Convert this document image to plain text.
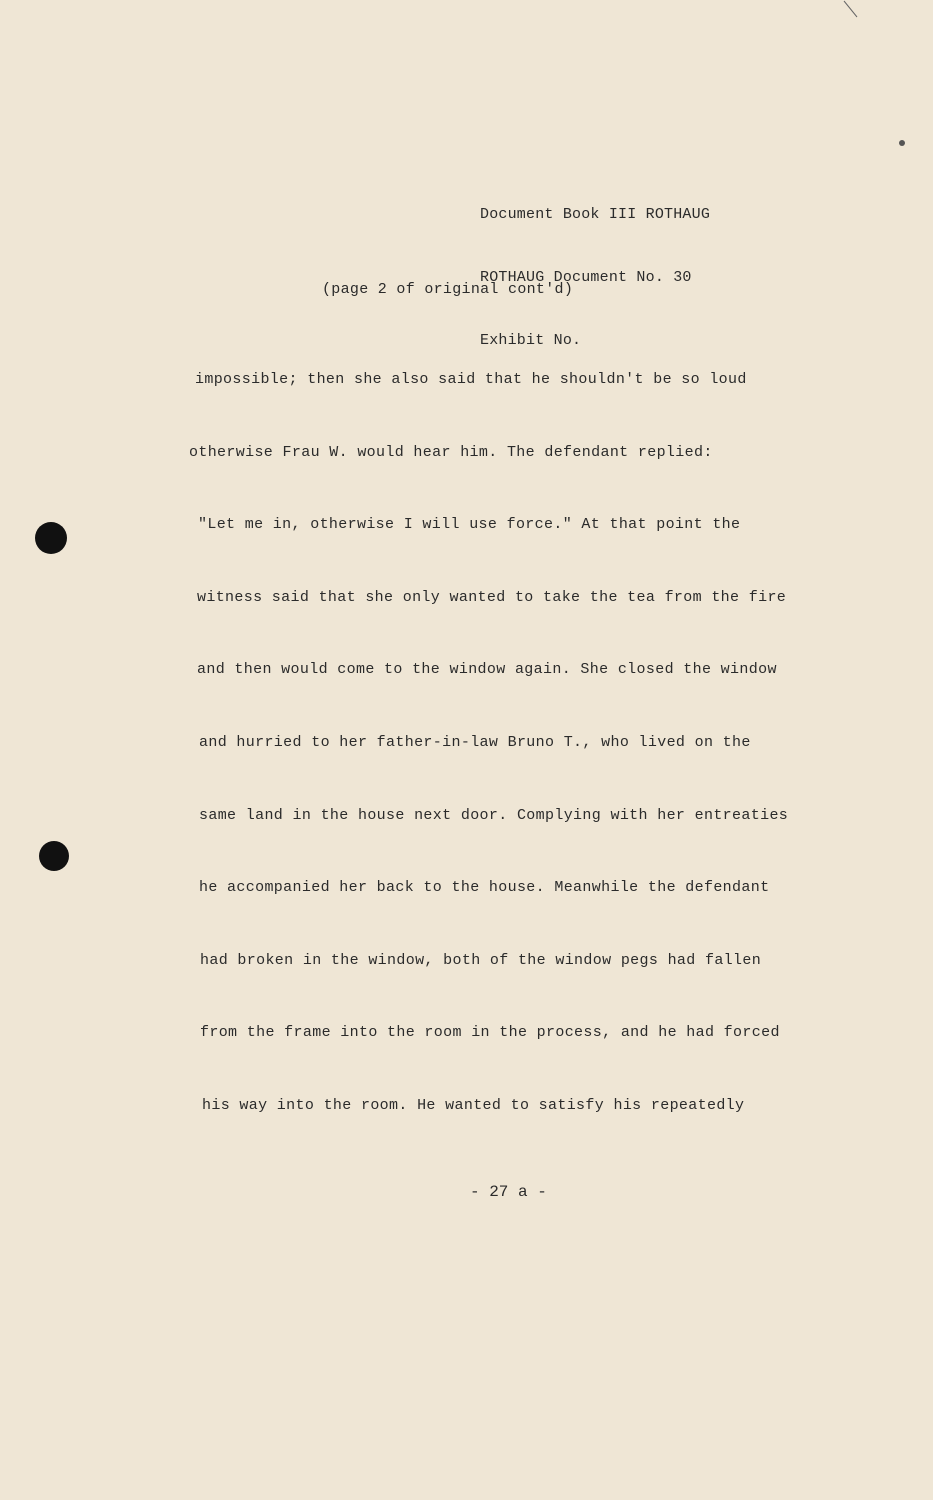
Document Book III ROTHAUG

ROTHAUG Document No. 30

Exhibit No.

(page 2 of original cont'd)

impossible; then she also said that he shouldn't be so loud

otherwise Frau W. would hear him. The defendant replied:

"Let me in, otherwise I will use force." At that point the

witness said that she only wanted to take the tea from the fire

and then would come to the window again. She closed the window

and hurried to her father-in-law Bruno T., who lived on the

same land in the house next door. Complying with her entreaties

he accompanied her back to the house. Meanwhile the defendant

had broken in the window, both of the window pegs had fallen

from the frame into the room in the process, and he had forced

his way into the room. He wanted to satisfy his repeatedly

- 27 a -
